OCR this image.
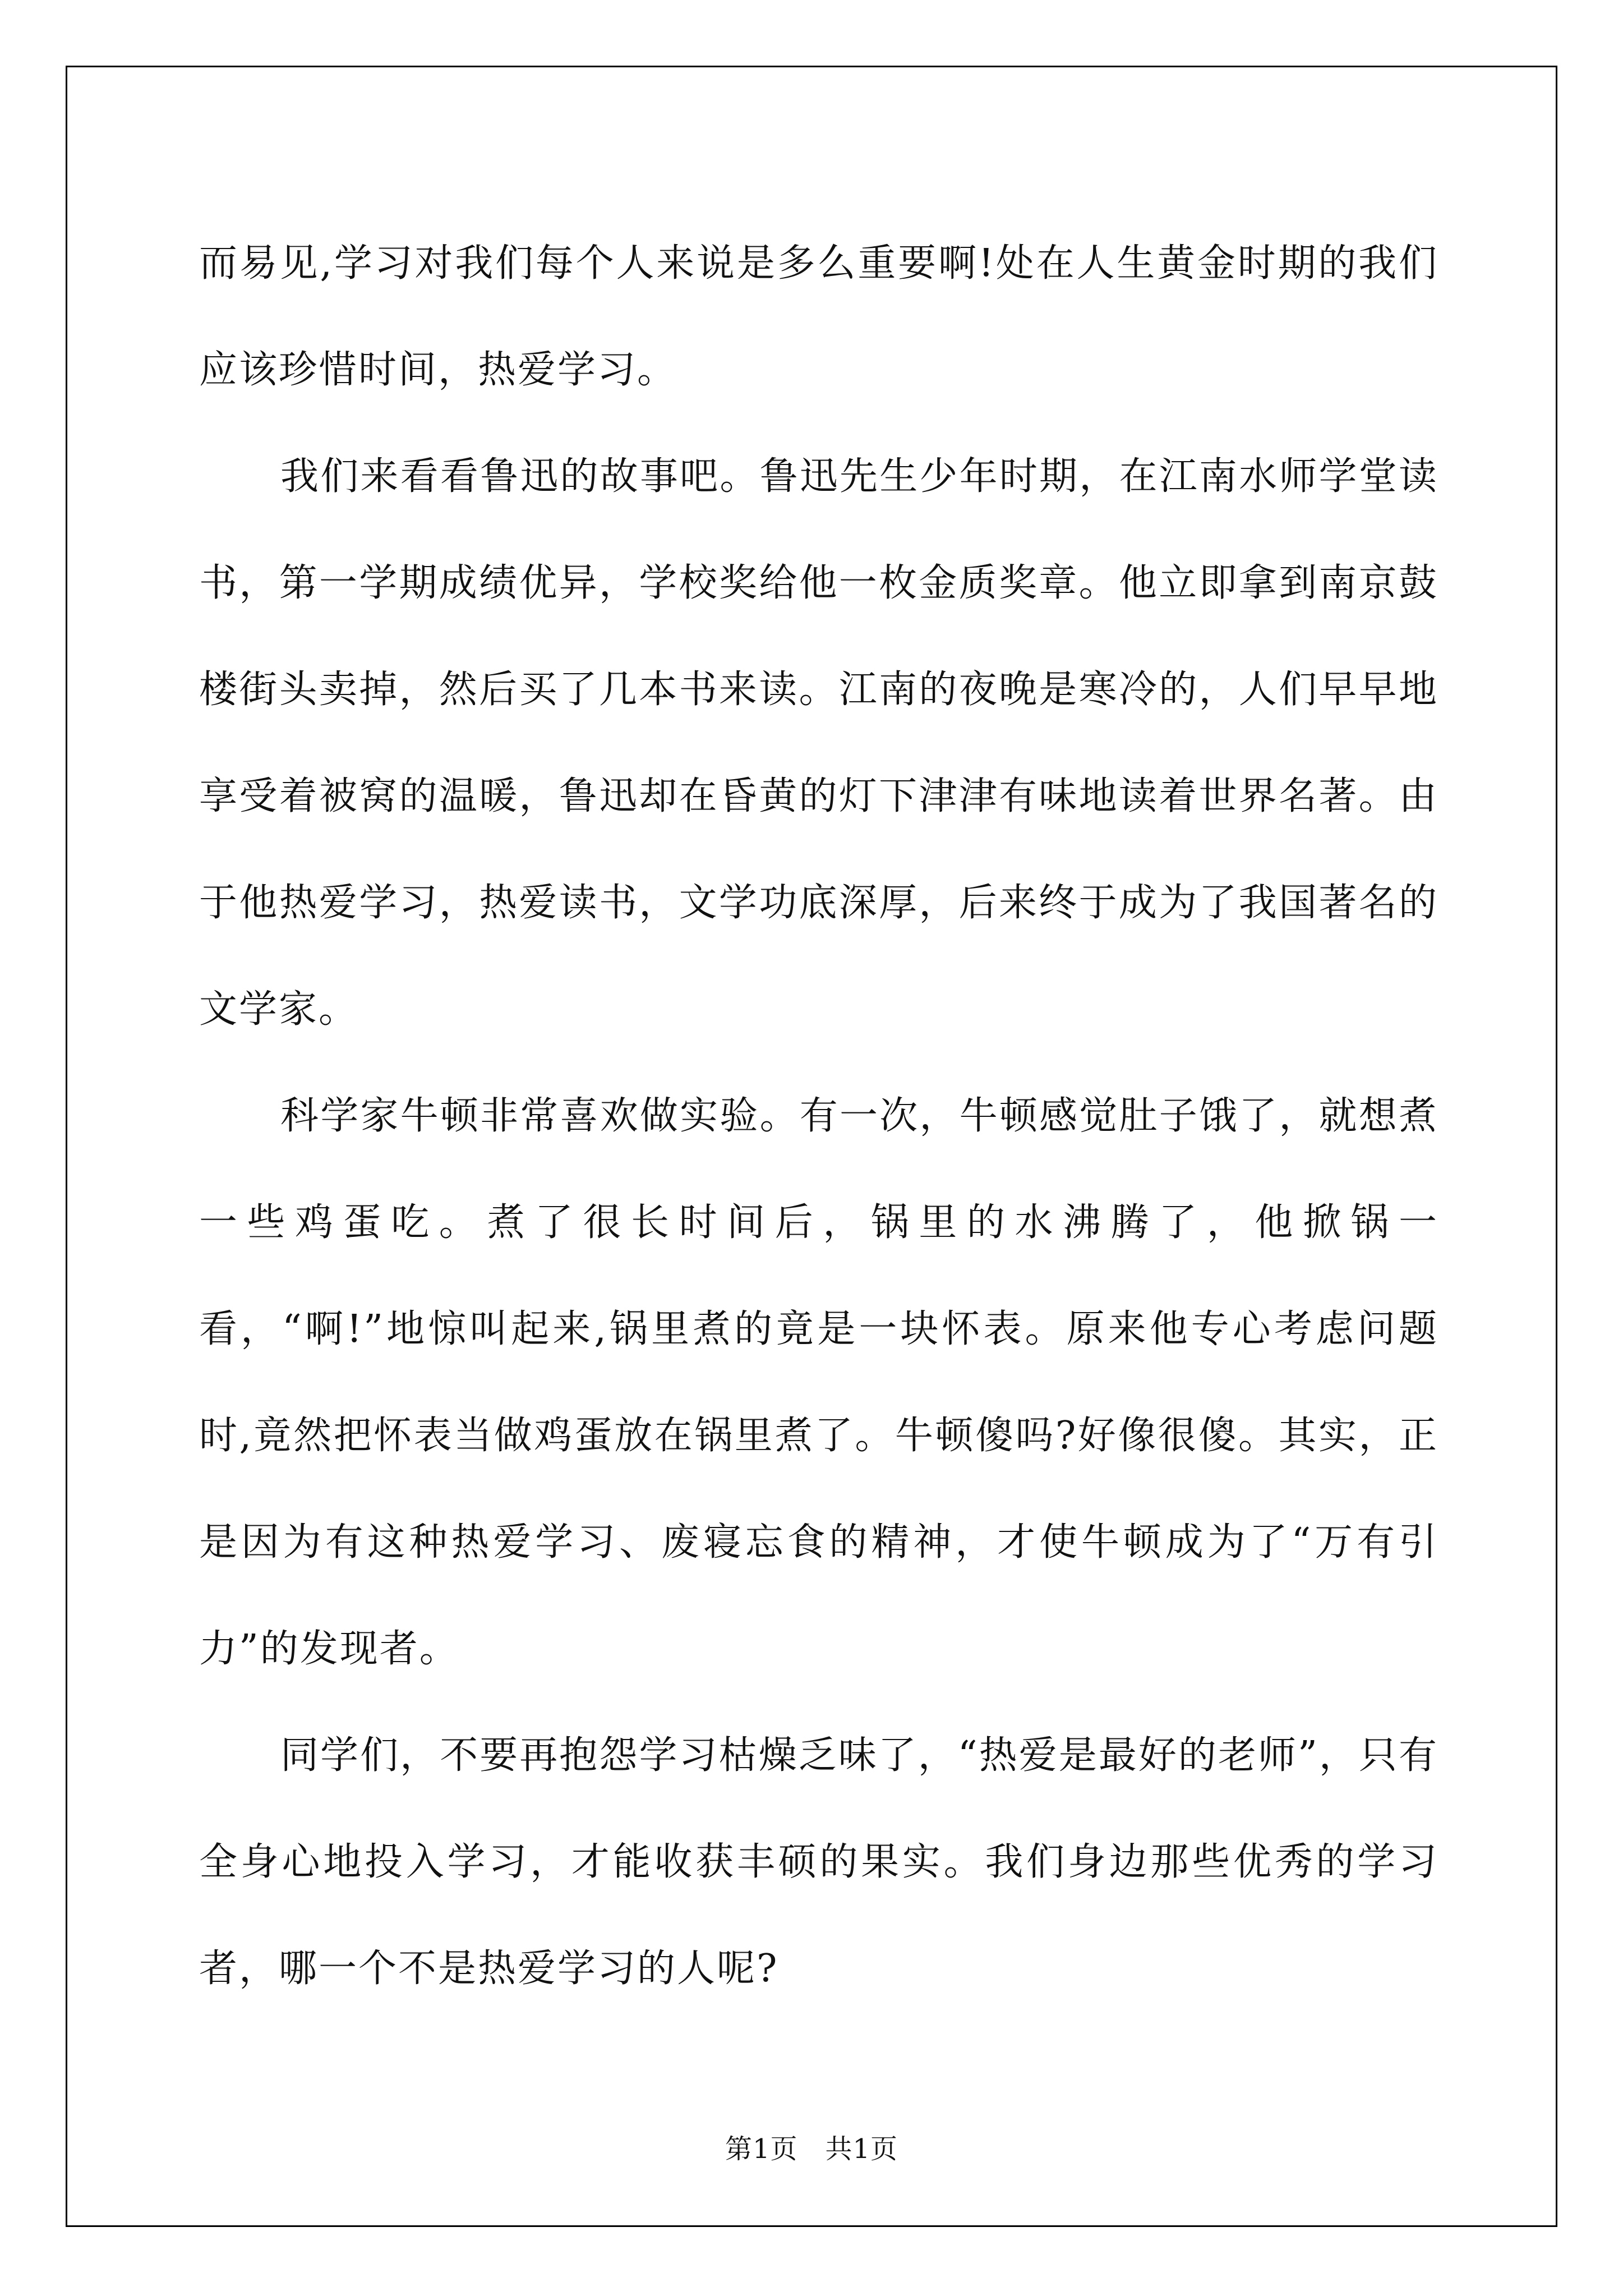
而易见,学习对我们每个人来说是多么重要啊!处在人生黄金时期的我们应该珍惜时间，热爱学习。

我们来看看鲁迅的故事吧。鲁迅先生少年时期，在江南水师学堂读书，第一学期成绩优异，学校奖给他一枚金质奖章。他立即拿到南京鼓楼街头卖掉，然后买了几本书来读。江南的夜晚是寒冷的，人们早早地享受着被窝的温暖，鲁迅却在昏黄的灯下津津有味地读着世界名著。由于他热爱学习，热爱读书，文学功底深厚，后来终于成为了我国著名的文学家。

科学家牛顿非常喜欢做实验。有一次，牛顿感觉肚子饿了，就想煮一些鸡蛋吃。煮了很长时间后，锅里的水沸腾了，他掀锅一看，“啊!”地惊叫起来,锅里煮的竟是一块怀表。原来他专心考虑问题时,竟然把怀表当做鸡蛋放在锅里煮了。牛顿傻吗?好像很傻。其实，正是因为有这种热爱学习、废寝忘食的精神，才使牛顿成为了“万有引力”的发现者。

同学们，不要再抱怨学习枯燥乏味了，“热爱是最好的老师”，只有全身心地投入学习，才能收获丰硕的果实。我们身边那些优秀的学习者，哪一个不是热爱学习的人呢?

第1页　共1页
